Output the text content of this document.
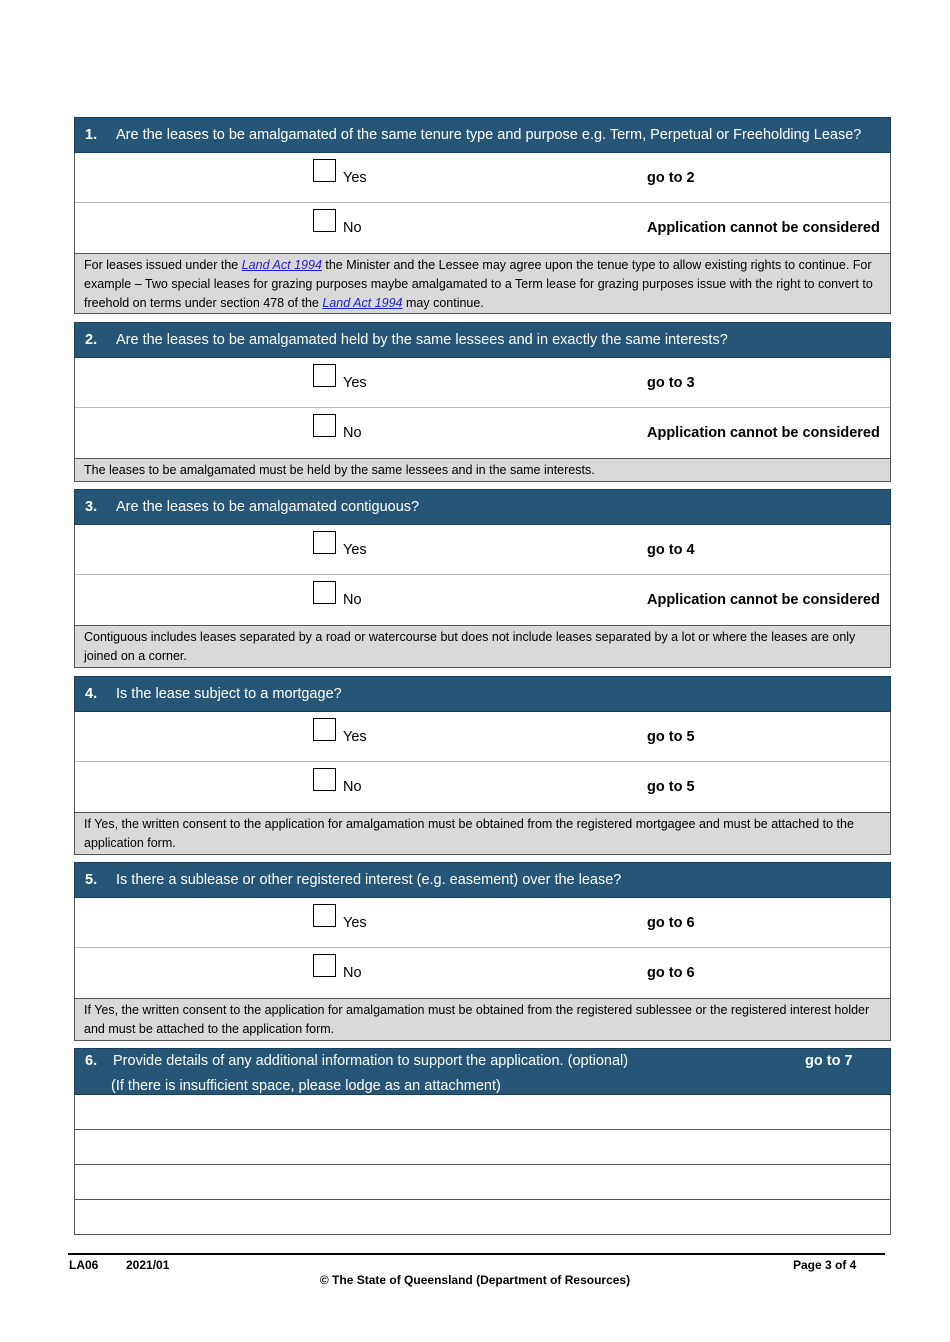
1.	Are the leases to be amalgamated of the same tenure type and purpose e.g. Term, Perpetual or Freeholding Lease?
Yes	go to 2
No	Application cannot be considered
For leases issued under the Land Act 1994 the Minister and the Lessee may agree upon the tenue type to allow existing rights to continue. For example – Two special leases for grazing purposes maybe amalgamated to a Term lease for grazing purposes issue with the right to convert to freehold on terms under section 478 of the Land Act 1994 may continue.
2.	Are the leases to be amalgamated held by the same lessees and in exactly the same interests?
Yes	go to 3
No	Application cannot be considered
The leases to be amalgamated must be held by the same lessees and in the same interests.
3.	Are the leases to be amalgamated contiguous?
Yes	go to 4
No	Application cannot be considered
Contiguous includes leases separated by a road or watercourse but does not include leases separated by a lot or where the leases are only joined on a corner.
4.	Is the lease subject to a mortgage?
Yes	go to 5
No	go to 5
If Yes, the written consent to the application for amalgamation must be obtained from the registered mortgagee and must be attached to the application form.
5.	Is there a sublease or other registered interest (e.g. easement) over the lease?
Yes	go to 6
No	go to 6
If Yes, the written consent to the application for amalgamation must be obtained from the registered sublessee or the registered interest holder and must be attached to the application form.
6.	Provide details of any additional information to support the application. (optional)	go to 7
(If there is insufficient space, please lodge as an attachment)
LA06 2021/01	Page 3 of 4
© The State of Queensland (Department of Resources)
